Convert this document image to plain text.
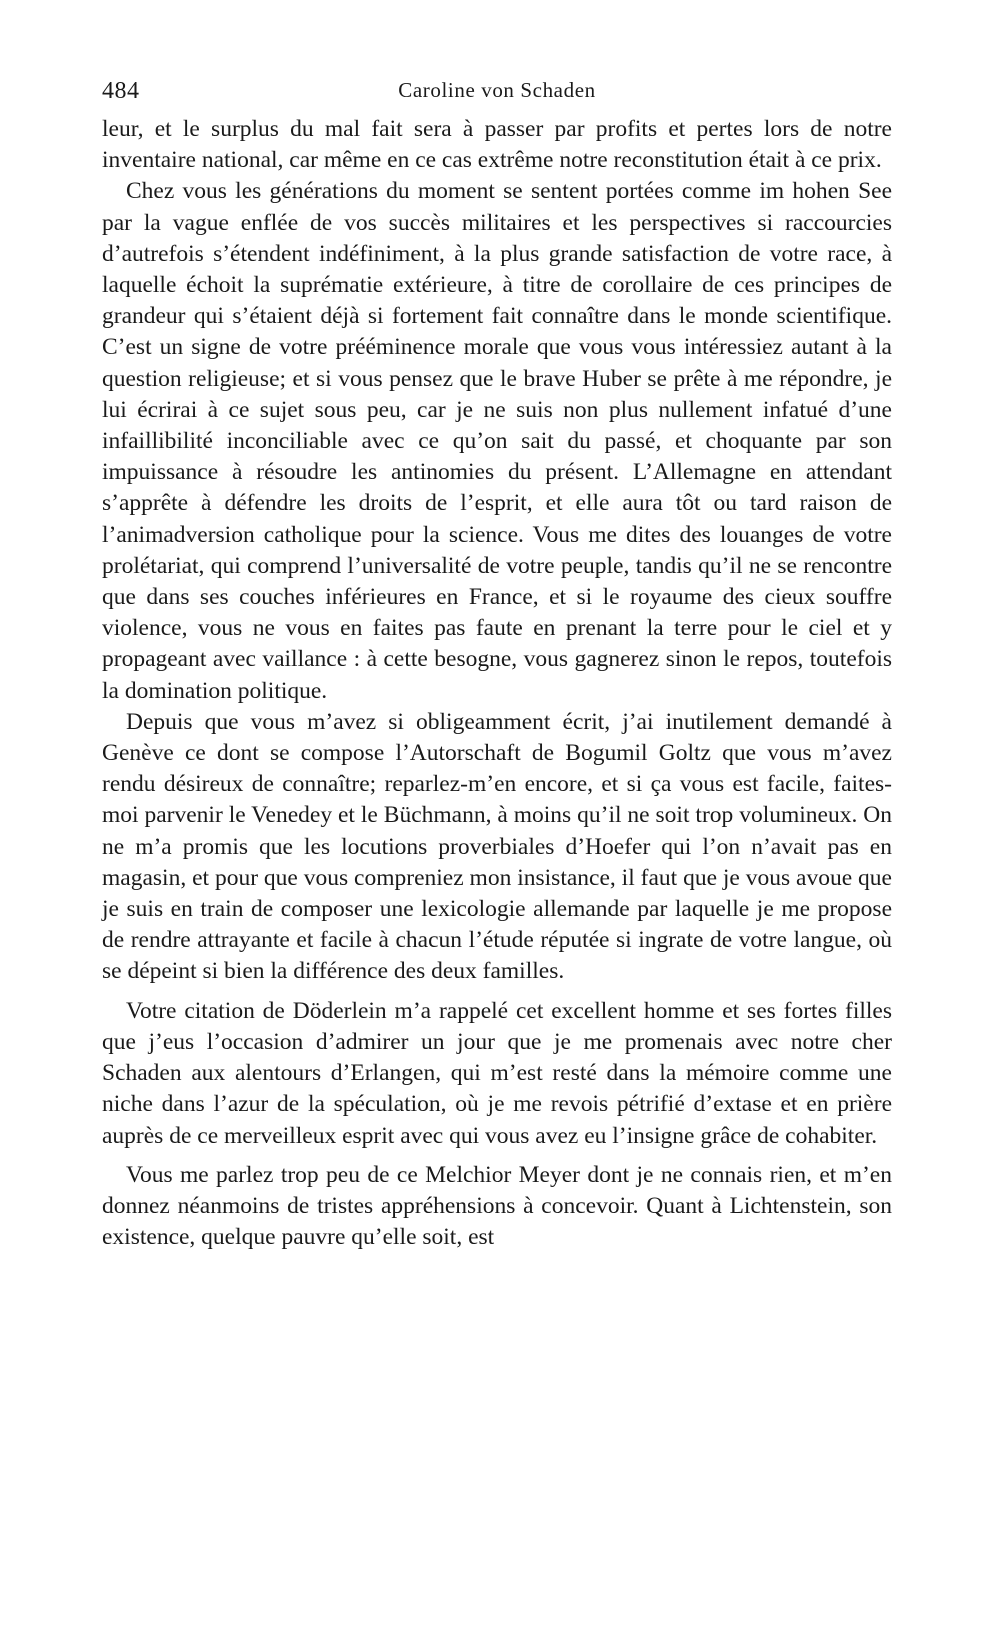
484	Caroline von Schaden

leur, et le surplus du mal fait sera à passer par profits et pertes lors de notre inventaire national, car même en ce cas extrême notre reconstitution était à ce prix.

Chez vous les générations du moment se sentent portées comme im hohen See par la vague enflée de vos succès militaires et les perspectives si raccourcies d’autrefois s’étendent indéfiniment, à la plus grande satisfaction de votre race, à laquelle échoit la suprématie extérieure, à titre de corollaire de ces principes de grandeur qui s’étaient déjà si fortement fait connaître dans le monde scientifique. C’est un signe de votre prééminence morale que vous vous intéressiez autant à la question religieuse; et si vous pensez que le brave Huber se prête à me répondre, je lui écrirai à ce sujet sous peu, car je ne suis non plus nullement infatué d’une infaillibilité inconciliable avec ce qu’on sait du passé, et choquante par son impuissance à résoudre les antinomies du présent. L’Allemagne en attendant s’apprête à défendre les droits de l’esprit, et elle aura tôt ou tard raison de l’animadversion catholique pour la science. Vous me dites des louanges de votre prolétariat, qui comprend l’universalité de votre peuple, tandis qu’il ne se rencontre que dans ses couches inférieures en France, et si le royaume des cieux souffre violence, vous ne vous en faites pas faute en prenant la terre pour le ciel et y propageant avec vaillance : à cette besogne, vous gagnerez sinon le repos, toutefois la domination politique.

Depuis que vous m’avez si obligeamment écrit, j’ai inutilement demandé à Genève ce dont se compose l’Autorschaft de Bogumil Goltz que vous m’avez rendu désireux de connaître; reparlez-m’en encore, et si ça vous est facile, faites-moi parvenir le Venedey et le Büchmann, à moins qu’il ne soit trop volumineux. On ne m’a promis que les locutions proverbiales d’Hoefer qui l’on n’avait pas en magasin, et pour que vous compreniez mon insistance, il faut que je vous avoue que je suis en train de composer une lexicologie allemande par laquelle je me propose de rendre attrayante et facile à chacun l’étude réputée si ingrate de votre langue, où se dépeint si bien la différence des deux familles.

Votre citation de Döderlein m’a rappelé cet excellent homme et ses fortes filles que j’eus l’occasion d’admirer un jour que je me promenais avec notre cher Schaden aux alentours d’Erlangen, qui m’est resté dans la mémoire comme une niche dans l’azur de la spéculation, où je me revois pétrifié d’extase et en prière auprès de ce merveilleux esprit avec qui vous avez eu l’insigne grâce de cohabiter.

Vous me parlez trop peu de ce Melchior Meyer dont je ne connais rien, et m’en donnez néanmoins de tristes appréhensions à concevoir. Quant à Lichtenstein, son existence, quelque pauvre qu’elle soit, est
